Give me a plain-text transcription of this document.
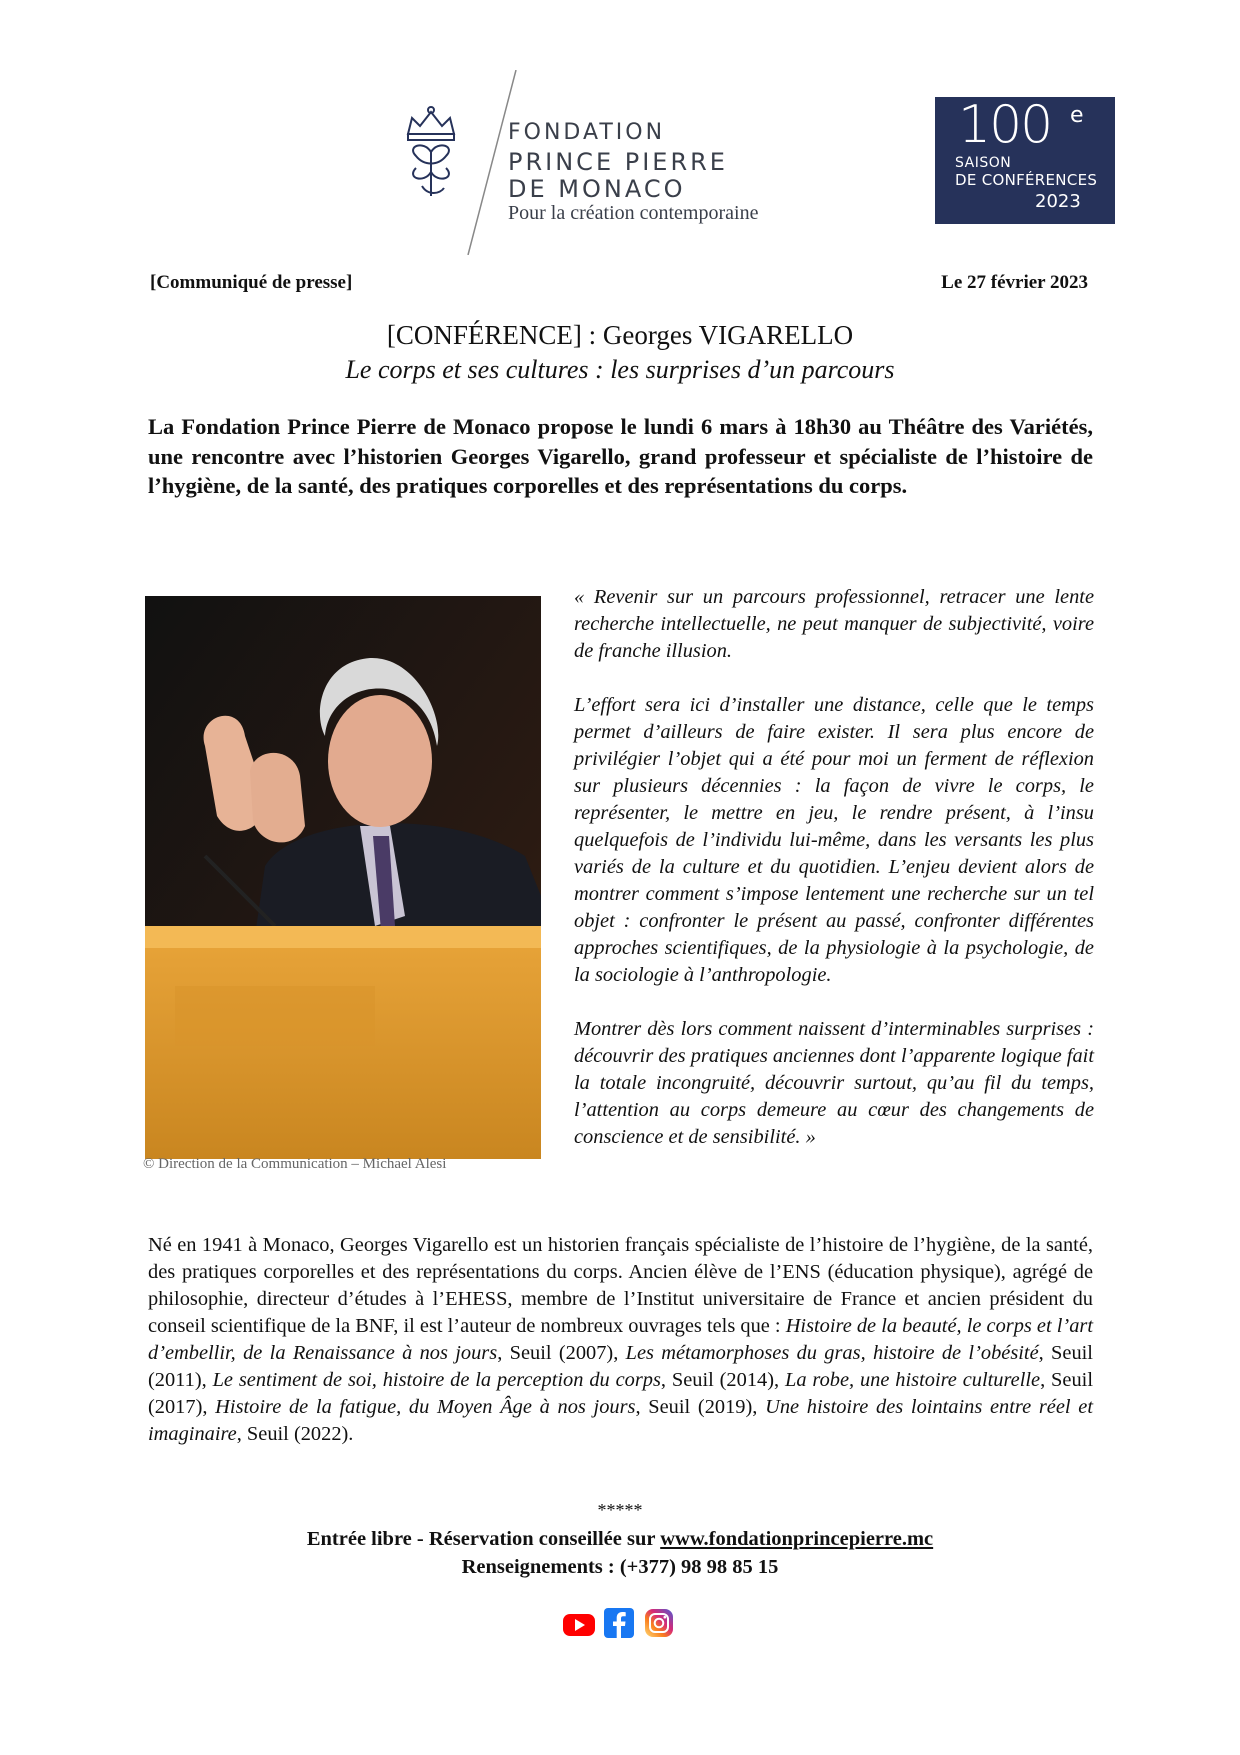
FONDATION
PRINCE PIERRE
DE MONACO
Pour la création contemporaine
100 e
SAISON
DE CONFÉRENCES
2023
[Communiqué de presse]	Le 27 février 2023
[CONFÉRENCE] : Georges VIGARELLO
Le corps et ses cultures : les surprises d’un parcours
La Fondation Prince Pierre de Monaco propose le lundi 6 mars à 18h30 au Théâtre des Variétés, une rencontre avec l’historien Georges Vigarello, grand professeur et spécialiste de l’histoire de l’hygiène, de la santé, des pratiques corporelles et des représentations du corps.
© Direction de la Communication – Michael Alesi

« Revenir sur un parcours professionnel, retracer une lente recherche intellectuelle, ne peut manquer de subjectivité, voire de franche illusion.

L’effort sera ici d’installer une distance, celle que le temps permet d’ailleurs de faire exister. Il sera plus encore de privilégier l’objet qui a été pour moi un ferment de réflexion sur plusieurs décennies : la façon de vivre le corps, le représenter, le mettre en jeu, le rendre présent, à l’insu quelquefois de l’individu lui-même, dans les versants les plus variés de la culture et du quotidien. L’enjeu devient alors de montrer comment s’impose lentement une recherche sur un tel objet : confronter le présent au passé, confronter différentes approches scientifiques, de la physiologie à la psychologie, de la sociologie à l’anthropologie.

Montrer dès lors comment naissent d’interminables surprises : découvrir des pratiques anciennes dont l’apparente logique fait la totale incongruité, découvrir surtout, qu’au fil du temps, l’attention au corps demeure au cœur des changements de conscience et de sensibilité. »

Né en 1941 à Monaco, Georges Vigarello est un historien français spécialiste de l’histoire de l’hygiène, de la santé, des pratiques corporelles et des représentations du corps. Ancien élève de l’ENS (éducation physique), agrégé de philosophie, directeur d’études à l’EHESS, membre de l’Institut universitaire de France et ancien président du conseil scientifique de la BNF, il est l’auteur de nombreux ouvrages tels que : Histoire de la beauté, le corps et l’art d’embellir, de la Renaissance à nos jours, Seuil (2007), Les métamorphoses du gras, histoire de l’obésité, Seuil (2011), Le sentiment de soi, histoire de la perception du corps, Seuil (2014), La robe, une histoire culturelle, Seuil (2017), Histoire de la fatigue, du Moyen Âge à nos jours, Seuil (2019), Une histoire des lointains entre réel et imaginaire, Seuil (2022).
*****
Entrée libre - Réservation conseillée sur www.fondationprincepierre.mc
Renseignements : (+377) 98 98 85 15
